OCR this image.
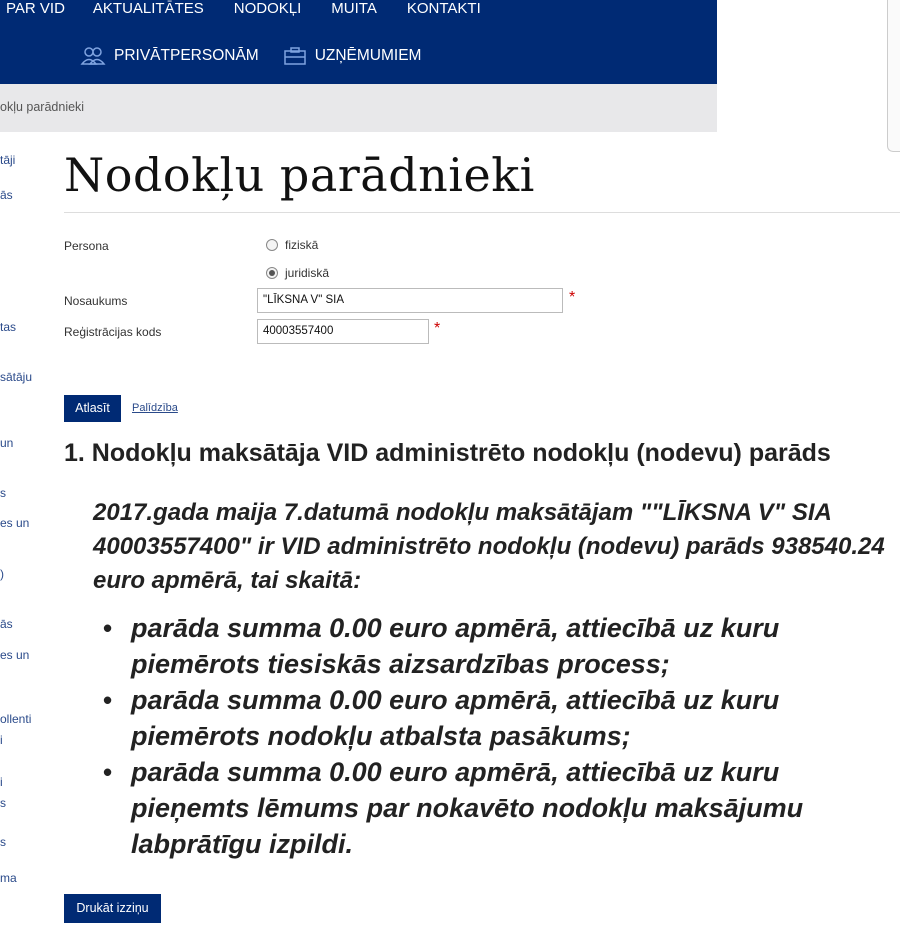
PAR VID AKTUALITĀTES NODOKĻI MUITA KONTAKTI
PRIVĀTPERSONĀM	UZŅĒMUMIEM
okļu parādnieki
tāji
ās
tas
sātāju
un
s
es un
)
ās
es un
ollenti
i
i
s
s
ma
Nodokļu parādnieki
Persona	fiziskā
juridiskā
Nosaukums	"LĪKSNA V" SIA	*
Reģistrācijas kods	40003557400	*
Atlasīt	Palīdzība
1. Nodokļu maksātāja VID administrēto nodokļu (nodevu) parāds

2017.gada maija 7.datumā nodokļu maksātājam ""LĪKSNA V" SIA 40003557400" ir VID administrēto nodokļu (nodevu) parāds 938540.24 euro apmērā, tai skaitā:

• parāda summa 0.00 euro apmērā, attiecībā uz kuru piemērots tiesiskās aizsardzības process;
• parāda summa 0.00 euro apmērā, attiecībā uz kuru piemērots nodokļu atbalsta pasākums;
• parāda summa 0.00 euro apmērā, attiecībā uz kuru pieņemts lēmums par nokavēto nodokļu maksājumu labprātīgu izpildi.
Drukāt izziņu
